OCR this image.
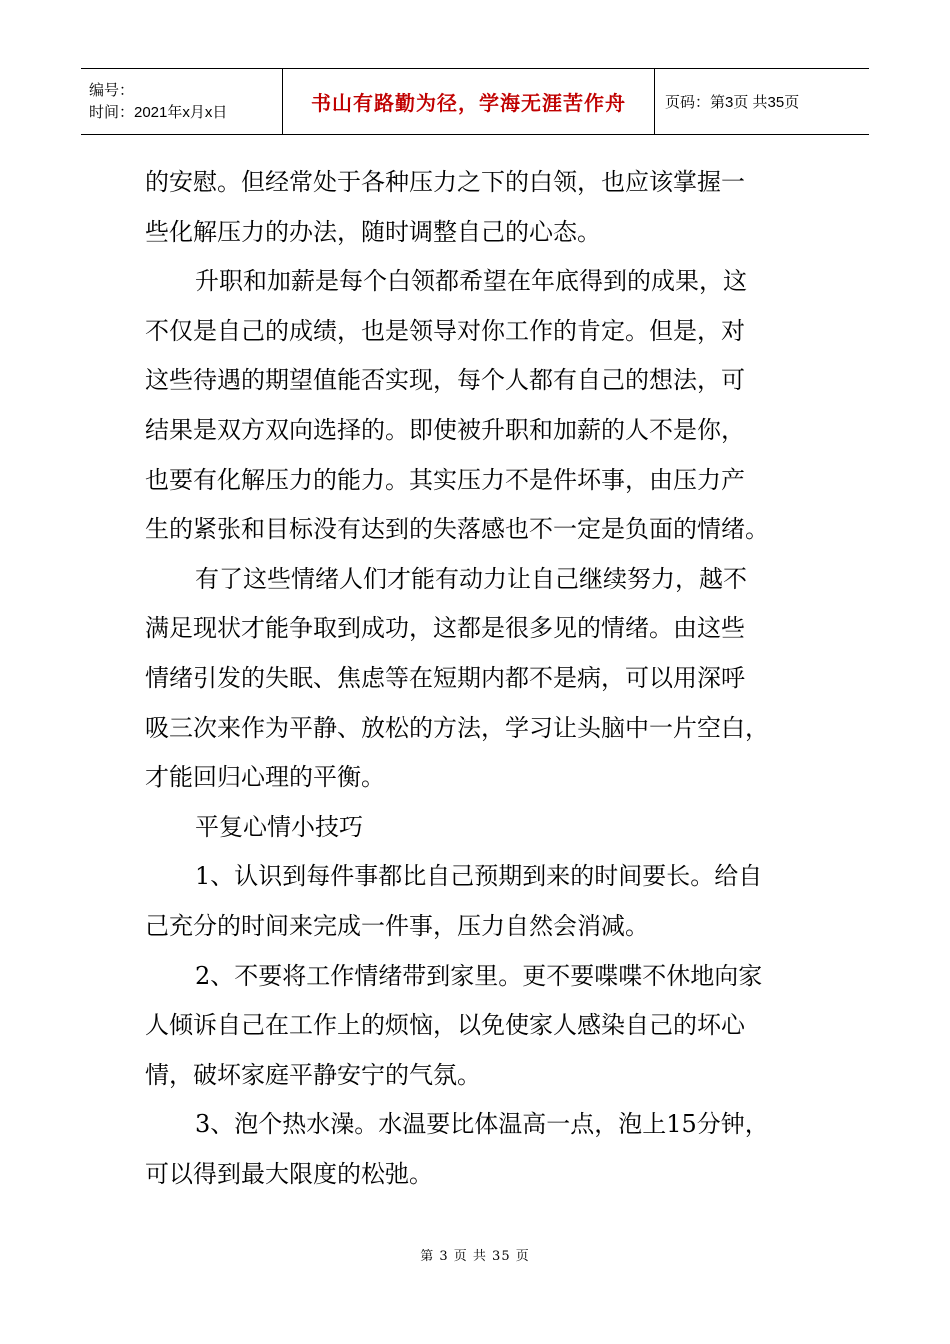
编号：
时间：2021年x月x日	书山有路勤为径，学海无涯苦作舟	页码：第3页 共35页
的安慰。但经常处于各种压力之下的白领，也应该掌握一
些化解压力的办法，随时调整自己的心态。
升职和加薪是每个白领都希望在年底得到的成果，这
不仅是自己的成绩，也是领导对你工作的肯定。但是，对
这些待遇的期望值能否实现，每个人都有自己的想法，可
结果是双方双向选择的。即使被升职和加薪的人不是你，
也要有化解压力的能力。其实压力不是件坏事，由压力产
生的紧张和目标没有达到的失落感也不一定是负面的情绪。
有了这些情绪人们才能有动力让自己继续努力，越不
满足现状才能争取到成功，这都是很多见的情绪。由这些
情绪引发的失眠、焦虑等在短期内都不是病，可以用深呼
吸三次来作为平静、放松的方法，学习让头脑中一片空白，
才能回归心理的平衡。
平复心情小技巧
1、认识到每件事都比自己预期到来的时间要长。给自
己充分的时间来完成一件事，压力自然会消减。
2、不要将工作情绪带到家里。更不要喋喋不休地向家
人倾诉自己在工作上的烦恼，以免使家人感染自己的坏心
情，破坏家庭平静安宁的气氛。
3、泡个热水澡。水温要比体温高一点，泡上15分钟，
可以得到最大限度的松弛。
第 3 页 共 35 页
